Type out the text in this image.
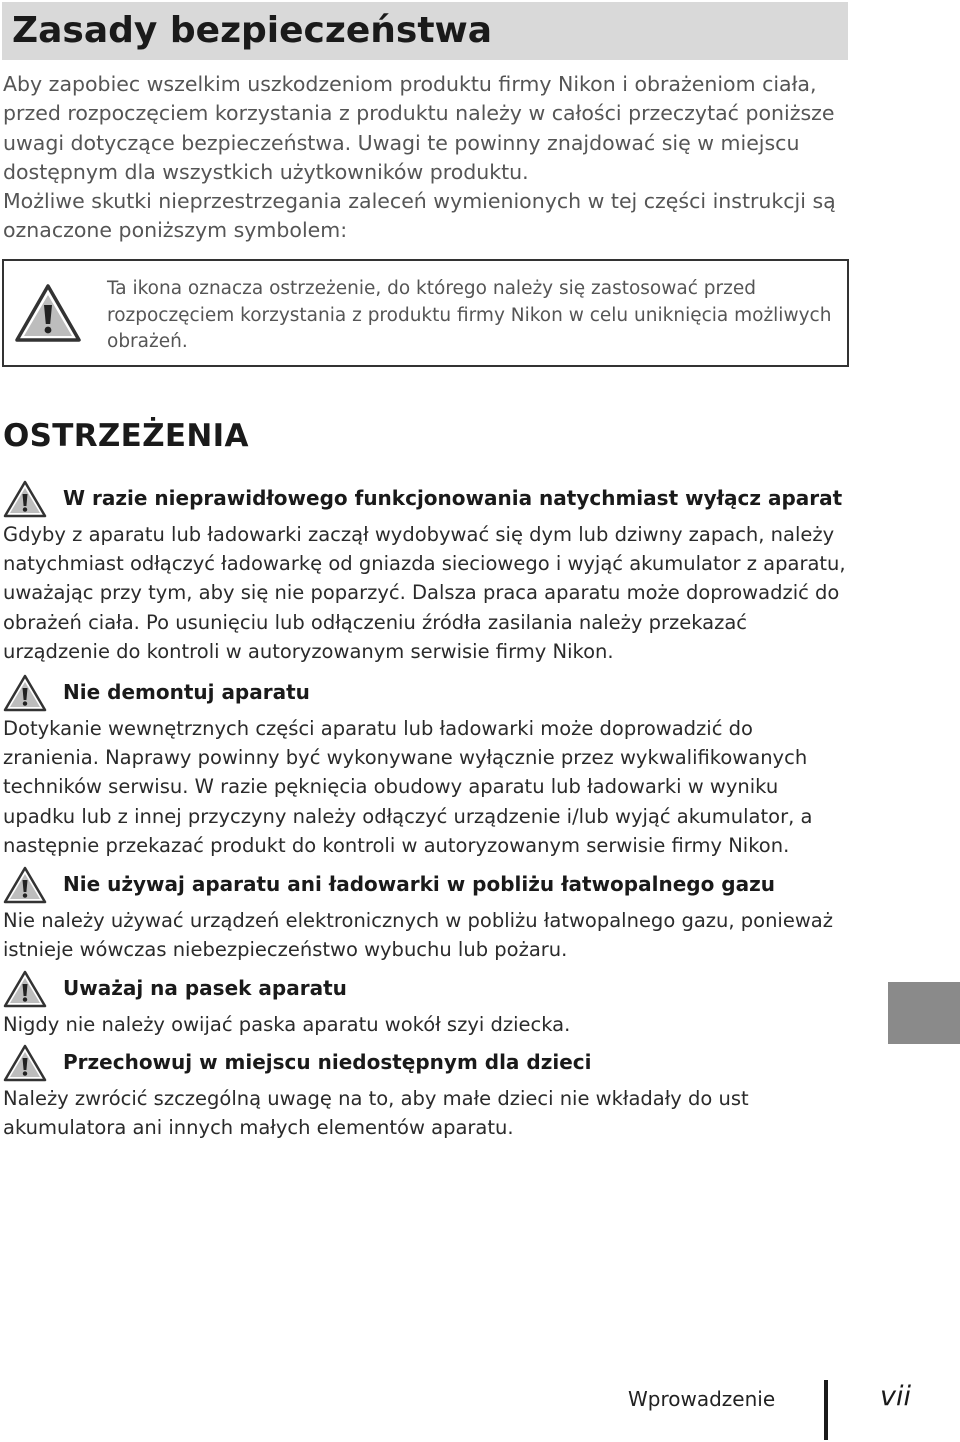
Zasady bezpieczeństwa

Aby zapobiec wszelkim uszkodzeniom produktu firmy Nikon i obrażeniom ciała, przed rozpoczęciem korzystania z produktu należy w całości przeczytać poniższe uwagi dotyczące bezpieczeństwa. Uwagi te powinny znajdować się w miejscu dostępnym dla wszystkich użytkowników produktu.

Możliwe skutki nieprzestrzegania zaleceń wymienionych w tej części instrukcji są oznaczone poniższym symbolem:

Ta ikona oznacza ostrzeżenie, do którego należy się zastosować przed rozpoczęciem korzystania z produktu firmy Nikon w celu uniknięcia możliwych obrażeń.
OSTRZEŻENIA
W razie nieprawidłowego funkcjonowania natychmiast wyłącz aparat
Gdyby z aparatu lub ładowarki zaczął wydobywać się dym lub dziwny zapach, należy natychmiast odłączyć ładowarkę od gniazda sieciowego i wyjąć akumulator z aparatu, uważając przy tym, aby się nie poparzyć. Dalsza praca aparatu może doprowadzić do obrażeń ciała. Po usunięciu lub odłączeniu źródła zasilania należy przekazać urządzenie do kontroli w autoryzowanym serwisie firmy Nikon.
Nie demontuj aparatu
Dotykanie wewnętrznych części aparatu lub ładowarki może doprowadzić do zranienia. Naprawy powinny być wykonywane wyłącznie przez wykwalifikowanych techników serwisu. W razie pęknięcia obudowy aparatu lub ładowarki w wyniku upadku lub z innej przyczyny należy odłączyć urządzenie i/lub wyjąć akumulator, a następnie przekazać produkt do kontroli w autoryzowanym serwisie firmy Nikon.
Nie używaj aparatu ani ładowarki w pobliżu łatwopalnego gazu
Nie należy używać urządzeń elektronicznych w pobliżu łatwopalnego gazu, ponieważ istnieje wówczas niebezpieczeństwo wybuchu lub pożaru.
Uważaj na pasek aparatu
Nigdy nie należy owijać paska aparatu wokół szyi dziecka.
Przechowuj w miejscu niedostępnym dla dzieci
Należy zwrócić szczególną uwagę na to, aby małe dzieci nie wkładały do ust akumulatora ani innych małych elementów aparatu.
Wprowadzenie	vii
